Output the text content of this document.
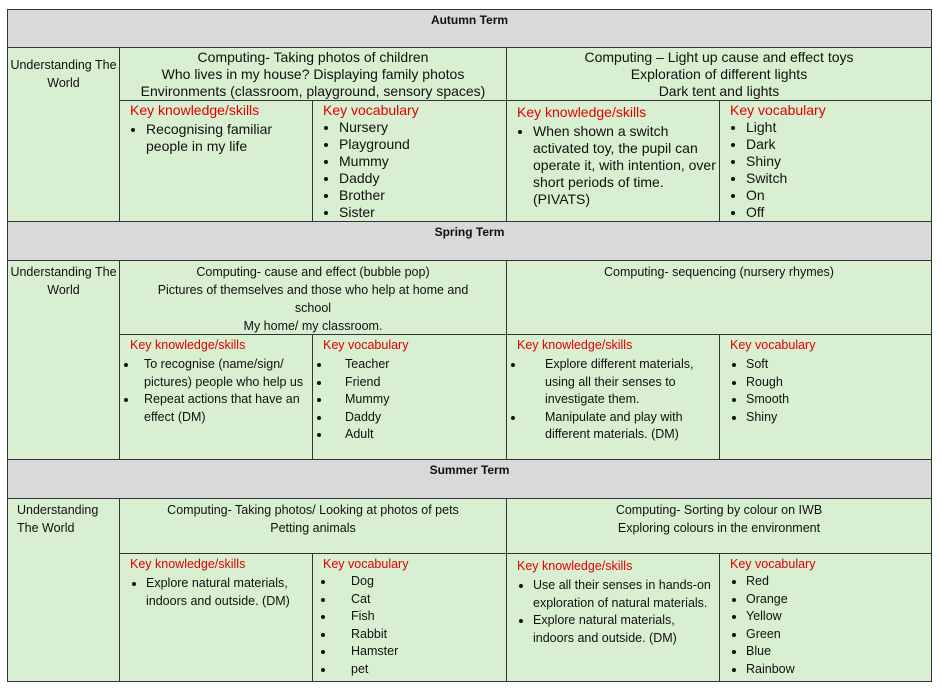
Autumn Term
Understanding The World
Computing- Taking photos of children
Who lives in my house? Displaying family photos
Environments (classroom, playground, sensory spaces)
Computing – Light up cause and effect toys
Exploration of different lights
Dark tent and lights
Key knowledge/skills
• Recognising familiar people in my life
Key vocabulary
• Nursery
• Playground
• Mummy
• Daddy
• Brother
• Sister
Key knowledge/skills
• When shown a switch activated toy, the pupil can operate it, with intention, over short periods of time. (PIVATS)
Key vocabulary
• Light
• Dark
• Shiny
• Switch
• On
• Off
Spring Term
Understanding The World
Computing- cause and effect (bubble pop)
Pictures of themselves and those who help at home and school
My home/ my classroom.
Computing- sequencing (nursery rhymes)
Key knowledge/skills
• To recognise (name/sign/ pictures) people who help us
• Repeat actions that have an effect (DM)
Key vocabulary
• Teacher
• Friend
• Mummy
• Daddy
• Adult
Key knowledge/skills
• Explore different materials, using all their senses to investigate them.
• Manipulate and play with different materials. (DM)
Key vocabulary
• Soft
• Rough
• Smooth
• Shiny
Summer Term
Understanding The World
Computing- Taking photos/ Looking at photos of pets
Petting animals
Computing- Sorting by colour on IWB
Exploring colours in the environment
Key knowledge/skills
• Explore natural materials, indoors and outside. (DM)
Key vocabulary
• Dog
• Cat
• Fish
• Rabbit
• Hamster
• pet
Key knowledge/skills
• Use all their senses in hands-on exploration of natural materials.
• Explore natural materials, indoors and outside. (DM)
Key vocabulary
• Red
• Orange
• Yellow
• Green
• Blue
• Rainbow
